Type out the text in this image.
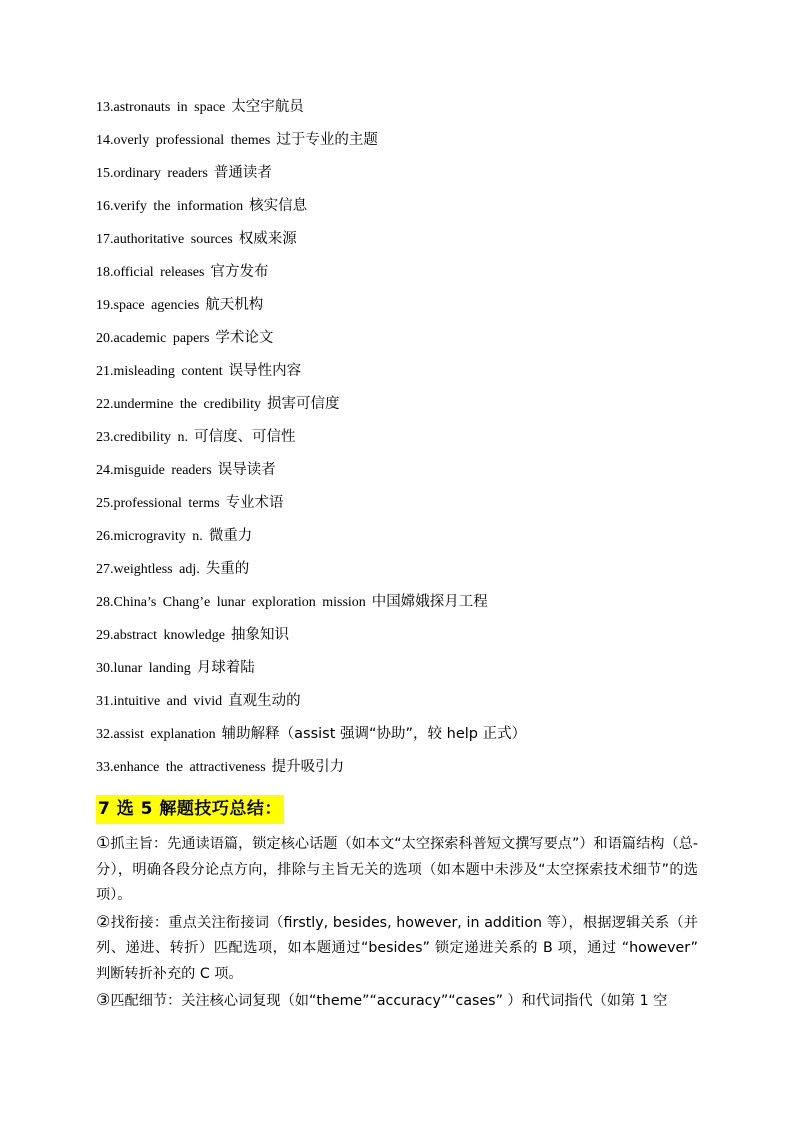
13.astronauts in space 太空宇航员
14.overly professional themes 过于专业的主题
15.ordinary readers 普通读者
16.verify the information 核实信息
17.authoritative sources 权威来源
18.official releases 官方发布
19.space agencies 航天机构
20.academic papers 学术论文
21.misleading content 误导性内容
22.undermine the credibility 损害可信度
23.credibility n. 可信度、可信性
24.misguide readers 误导读者
25.professional terms 专业术语
26.microgravity n. 微重力
27.weightless adj. 失重的
28.China’s Chang’e lunar exploration mission 中国嫦娥探月工程
29.abstract knowledge 抽象知识
30.lunar landing 月球着陆
31.intuitive and vivid 直观生动的
32.assist explanation 辅助解释（assist 强调“协助”，较 help 正式）
33.enhance the attractiveness 提升吸引力
7 选 5 解题技巧总结：

①抓主旨：先通读语篇，锁定核心话题（如本文“太空探索科普短文撰写要点”）和语篇结构（总-分），明确各段分论点方向，排除与主旨无关的选项（如本题中未涉及“太空探索技术细节”的选项）。

②找衔接：重点关注衔接词（firstly, besides, however, in addition 等），根据逻辑关系（并列、递进、转折）匹配选项，如本题通过“besides” 锁定递进关系的 B 项，通过 “however” 判断转折补充的 C 项。

③匹配细节：关注核心词复现（如“theme”“accuracy”“cases” ）和代词指代（如第 1 空
